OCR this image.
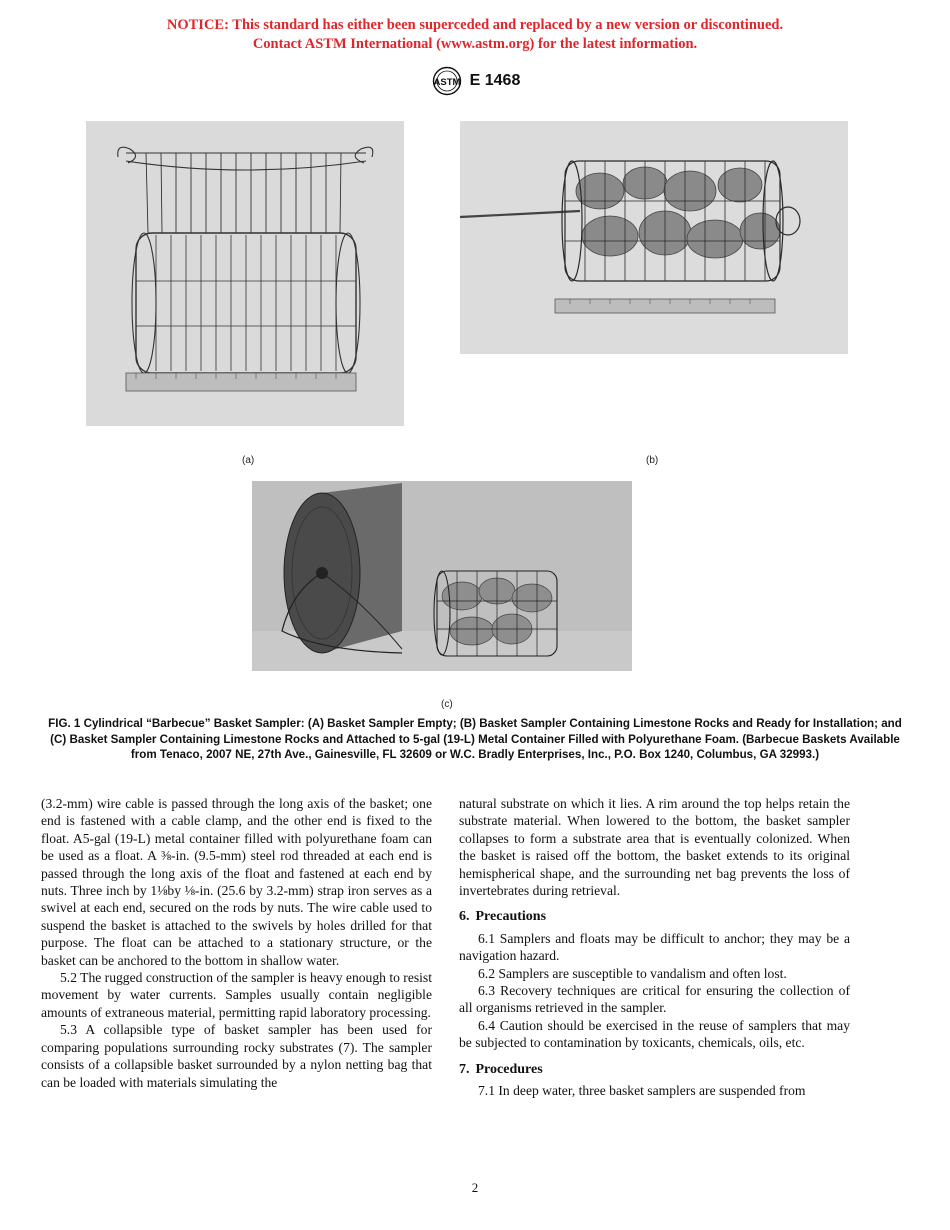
NOTICE: This standard has either been superceded and replaced by a new version or discontinued.
Contact ASTM International (www.astm.org) for the latest information.
ASTM E 1468
(a)	(b)
(c)
FIG. 1 Cylindrical “Barbecue” Basket Sampler: (A) Basket Sampler Empty; (B) Basket Sampler Containing Limestone Rocks and Ready for Installation; and (C) Basket Sampler Containing Limestone Rocks and Attached to 5-gal (19-L) Metal Container Filled with Polyurethane Foam. (Barbecue Baskets Available from Tenaco, 2007 NE, 27th Ave., Gainesville, FL 32609 or W.C. Bradly Enterprises, Inc., P.O. Box 1240, Columbus, GA 32993.)

(3.2-mm) wire cable is passed through the long axis of the basket; one end is fastened with a cable clamp, and the other end is fixed to the float. A5-gal (19-L) metal container filled with polyurethane foam can be used as a float. A ⅜-in. (9.5-mm) steel rod threaded at each end is passed through the long axis of the float and fastened at each end by nuts. Three inch by 1⅛by ⅛-in. (25.6 by 3.2-mm) strap iron serves as a swivel at each end, secured on the rods by nuts. The wire cable used to suspend the basket is attached to the swivels by holes drilled for that purpose. The float can be attached to a stationary structure, or the basket can be anchored to the bottom in shallow water.

5.2 The rugged construction of the sampler is heavy enough to resist movement by water currents. Samples usually contain negligible amounts of extraneous material, permitting rapid laboratory processing.

5.3 A collapsible type of basket sampler has been used for comparing populations surrounding rocky substrates (7). The sampler consists of a collapsible basket surrounded by a nylon netting bag that can be loaded with materials simulating the

natural substrate on which it lies. A rim around the top helps retain the substrate material. When lowered to the bottom, the basket sampler collapses to form a substrate area that is eventually colonized. When the basket is raised off the bottom, the basket extends to its original hemispherical shape, and the surrounding net bag prevents the loss of invertebrates during retrieval.

6. Precautions

6.1 Samplers and floats may be difficult to anchor; they may be a navigation hazard.

6.2 Samplers are susceptible to vandalism and often lost.

6.3 Recovery techniques are critical for ensuring the collection of all organisms retrieved in the sampler.

6.4 Caution should be exercised in the reuse of samplers that may be subjected to contamination by toxicants, chemicals, oils, etc.

7. Procedures

7.1 In deep water, three basket samplers are suspended from

2
